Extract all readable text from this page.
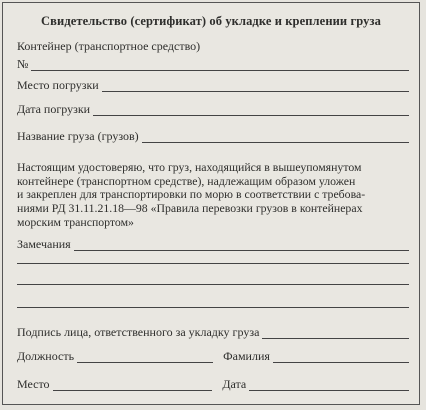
Свидетельство (сертификат) об укладке и креплении груза
Контейнер (транспортное средство)
№
Место погрузки
Дата погрузки
Название груза (грузов)
Настоящим удостоверяю, что груз, находящийся в вышеупомянутом
контейнере (транспортном средстве), надлежащим образом уложен
и закреплен для транспортировки по морю в соответствии с требова-
ниями РД 31.11.21.18—98 «Правила перевозки грузов в контейнерах
морским транспортом»
Замечания
Подпись лица, ответственного за укладку груза
Должность	Фамилия
Место	Дата
